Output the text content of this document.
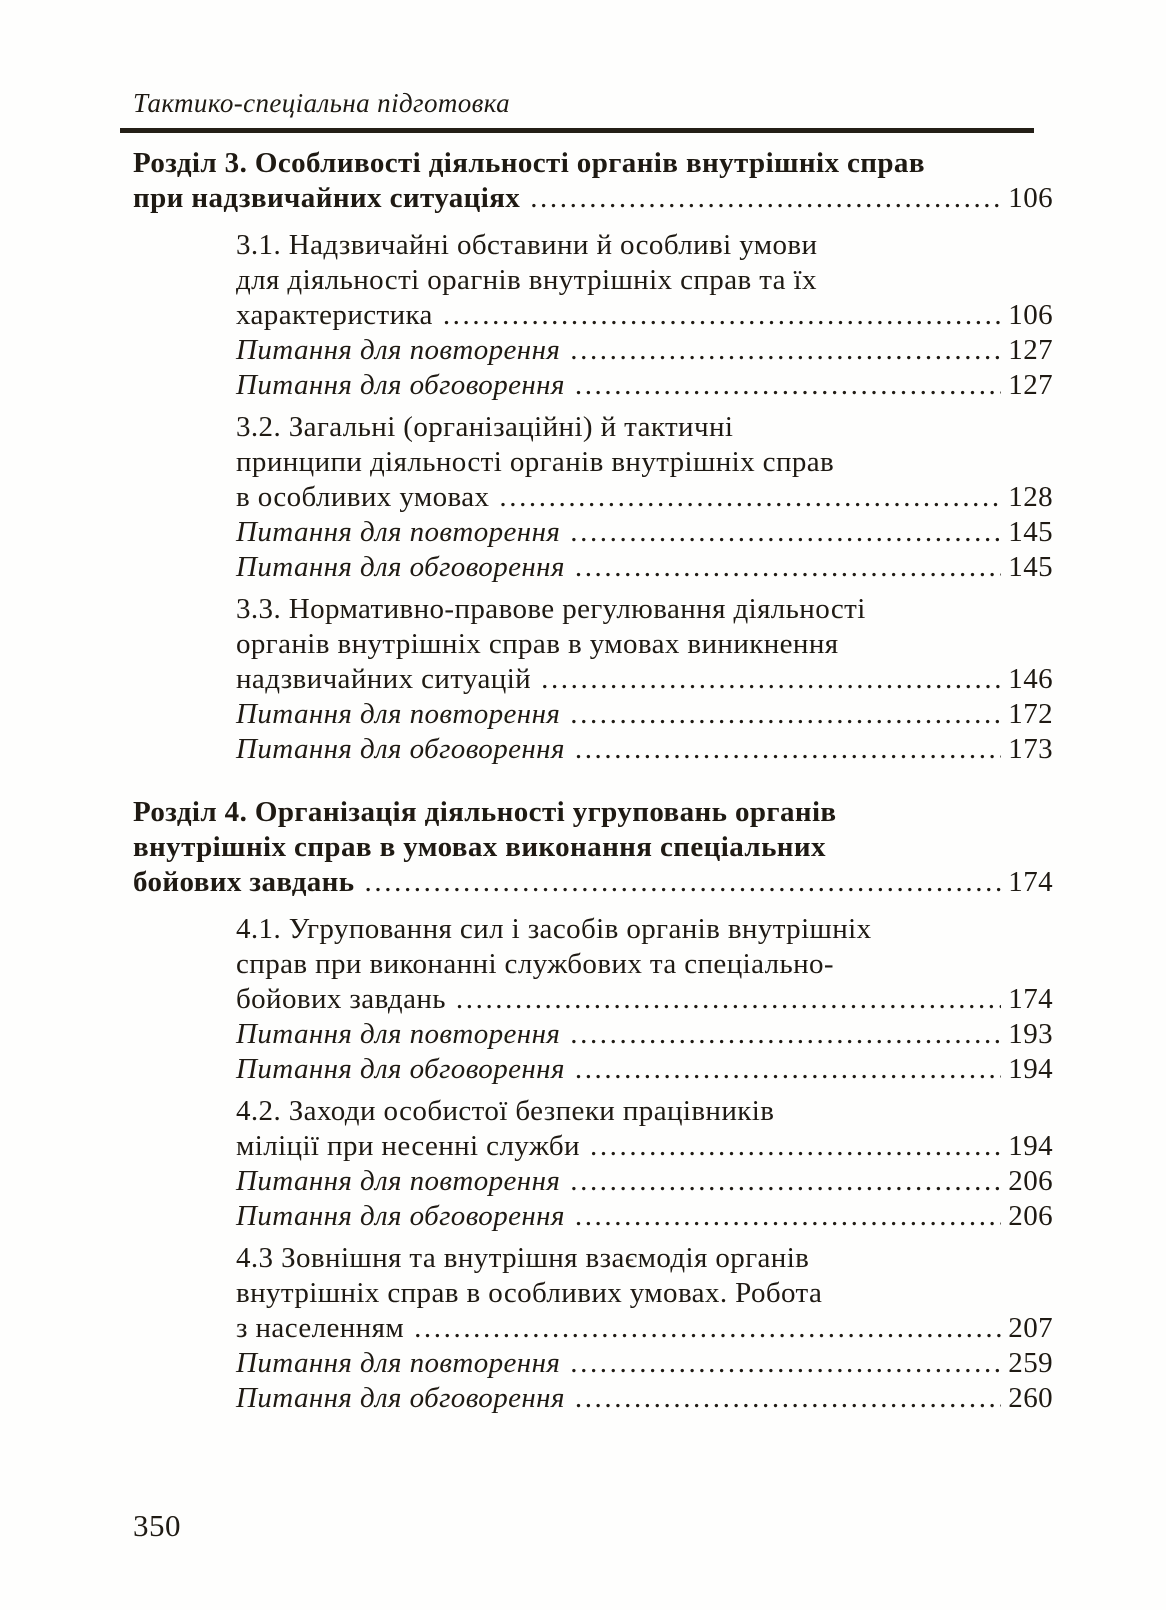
Тактико-спеціальна підготовка
Розділ 3. Особливості діяльності органів внутрішніх справ
при надзвичайних ситуаціях .....	106
3.1. Надзвичайні обставини й особливі умови
для діяльності орагнів внутрішніх справ та їх
характеристика .....	106
Питання для повторення .....	127
Питання для обговорення .....	127
3.2. Загальні (організаційні) й тактичні
принципи діяльності органів внутрішніх справ
в особливих умовах .....	128
Питання для повторення .....	145
Питання для обговорення .....	145
3.3. Нормативно-правове регулювання діяльності
органів внутрішніх справ в умовах виникнення
надзвичайних ситуацій .....	146
Питання для повторення .....	172
Питання для обговорення .....	173
Розділ 4. Організація діяльності угруповань органів
внутрішніх справ в умовах виконання спеціальних
бойових завдань .....	174
4.1. Угруповання сил і засобів органів внутрішніх
справ при виконанні службових та спеціально-
бойових завдань .....	174
Питання для повторення .....	193
Питання для обговорення .....	194
4.2. Заходи особистої безпеки працівників
міліції при несенні служби .....	194
Питання для повторення .....	206
Питання для обговорення .....	206
4.3 Зовнішня та внутрішня взаємодія органів
внутрішніх справ в особливих умовах. Робота
з населенням .....	207
Питання для повторення .....	259
Питання для обговорення .....	260
350
